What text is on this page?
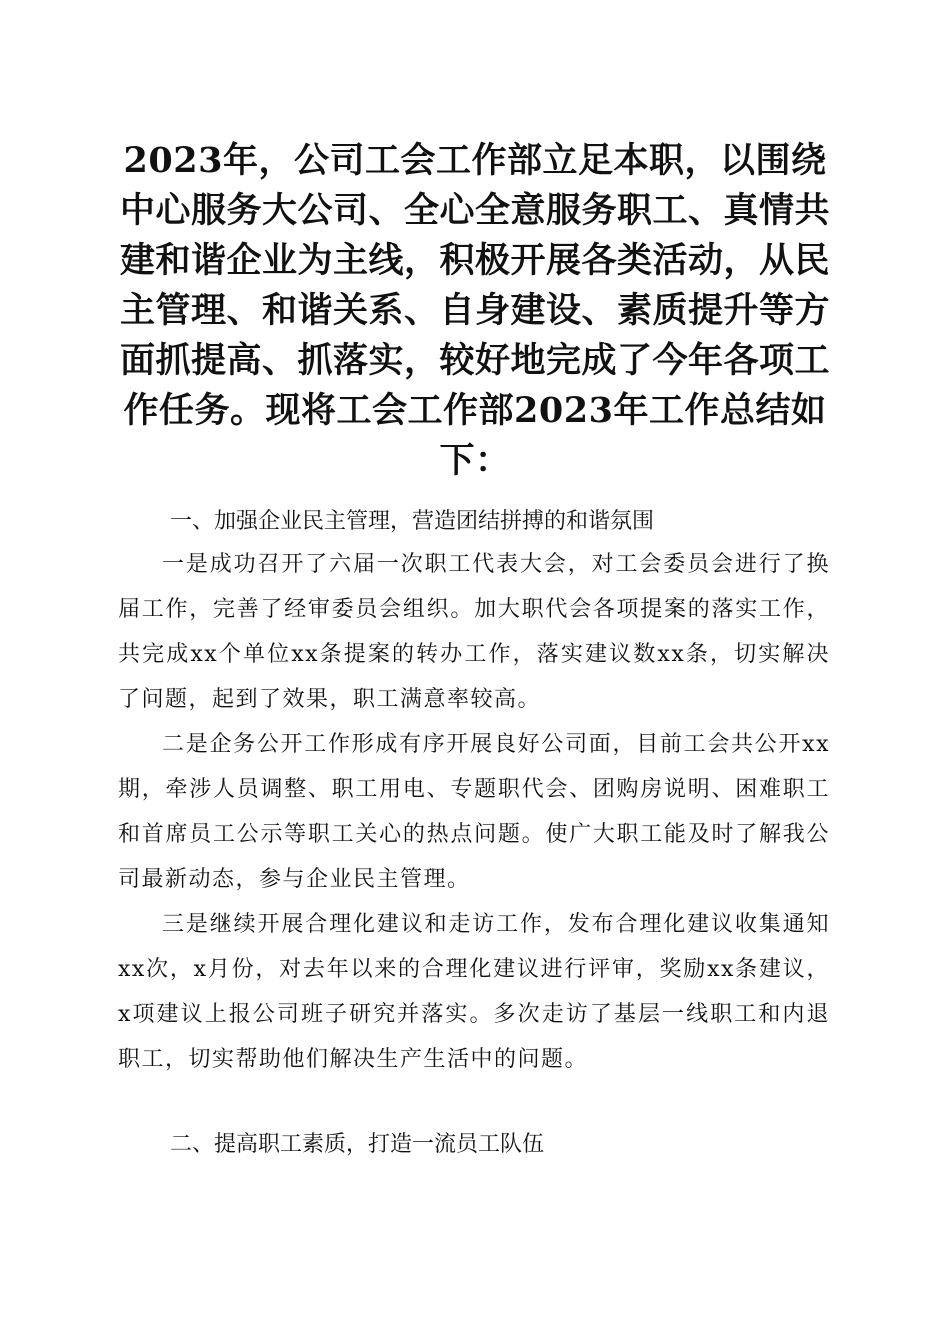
2023年，公司工会工作部立足本职，以围绕中心服务大公司、全心全意服务职工、真情共建和谐企业为主线，积极开展各类活动，从民主管理、和谐关系、自身建设、素质提升等方面抓提高、抓落实，较好地完成了今年各项工作任务。现将工会工作部2023年工作总结如下：
一、加强企业民主管理，营造团结拼搏的和谐氛围

一是成功召开了六届一次职工代表大会，对工会委员会进行了换届工作，完善了经审委员会组织。加大职代会各项提案的落实工作，共完成xx个单位xx条提案的转办工作，落实建议数xx条，切实解决了问题，起到了效果，职工满意率较高。

二是企务公开工作形成有序开展良好公司面，目前工会共公开xx期，牵涉人员调整、职工用电、专题职代会、团购房说明、困难职工和首席员工公示等职工关心的热点问题。使广大职工能及时了解我公司最新动态，参与企业民主管理。

三是继续开展合理化建议和走访工作，发布合理化建议收集通知xx次，x月份，对去年以来的合理化建议进行评审，奖励xx条建议，x项建议上报公司班子研究并落实。多次走访了基层一线职工和内退职工，切实帮助他们解决生产生活中的问题。

二、提高职工素质，打造一流员工队伍
